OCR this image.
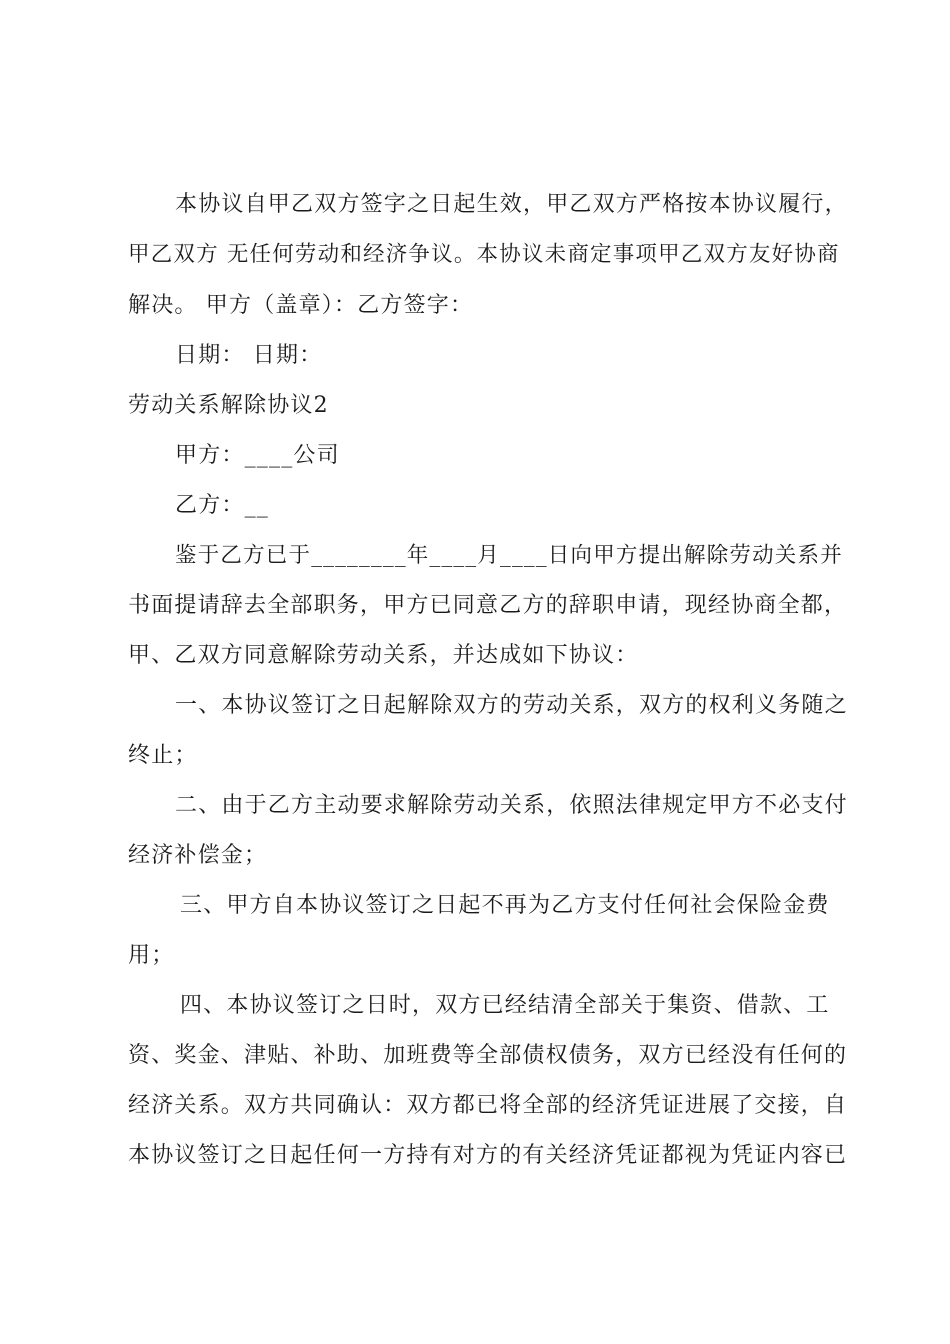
本协议自甲乙双方签字之日起生效，甲乙双方严格按本协议履行，
甲乙双方 无任何劳动和经济争议。本协议未商定事项甲乙双方友好协商
解决。 甲方（盖章）：乙方签字：
日期： 日期：
劳动关系解除协议2
甲方：____公司
乙方：__
鉴于乙方已于________年____月____日向甲方提出解除劳动关系并
书面提请辞去全部职务，甲方已同意乙方的辞职申请，现经协商全都，
甲、乙双方同意解除劳动关系，并达成如下协议：
一、本协议签订之日起解除双方的劳动关系，双方的权利义务随之
终止；
二、由于乙方主动要求解除劳动关系，依照法律规定甲方不必支付
经济补偿金；
三、甲方自本协议签订之日起不再为乙方支付任何社会保险金费
用；
四、本协议签订之日时，双方已经结清全部关于集资、借款、工
资、奖金、津贴、补助、加班费等全部债权债务，双方已经没有任何的
经济关系。双方共同确认：双方都已将全部的经济凭证进展了交接，自
本协议签订之日起任何一方持有对方的有关经济凭证都视为凭证内容已
